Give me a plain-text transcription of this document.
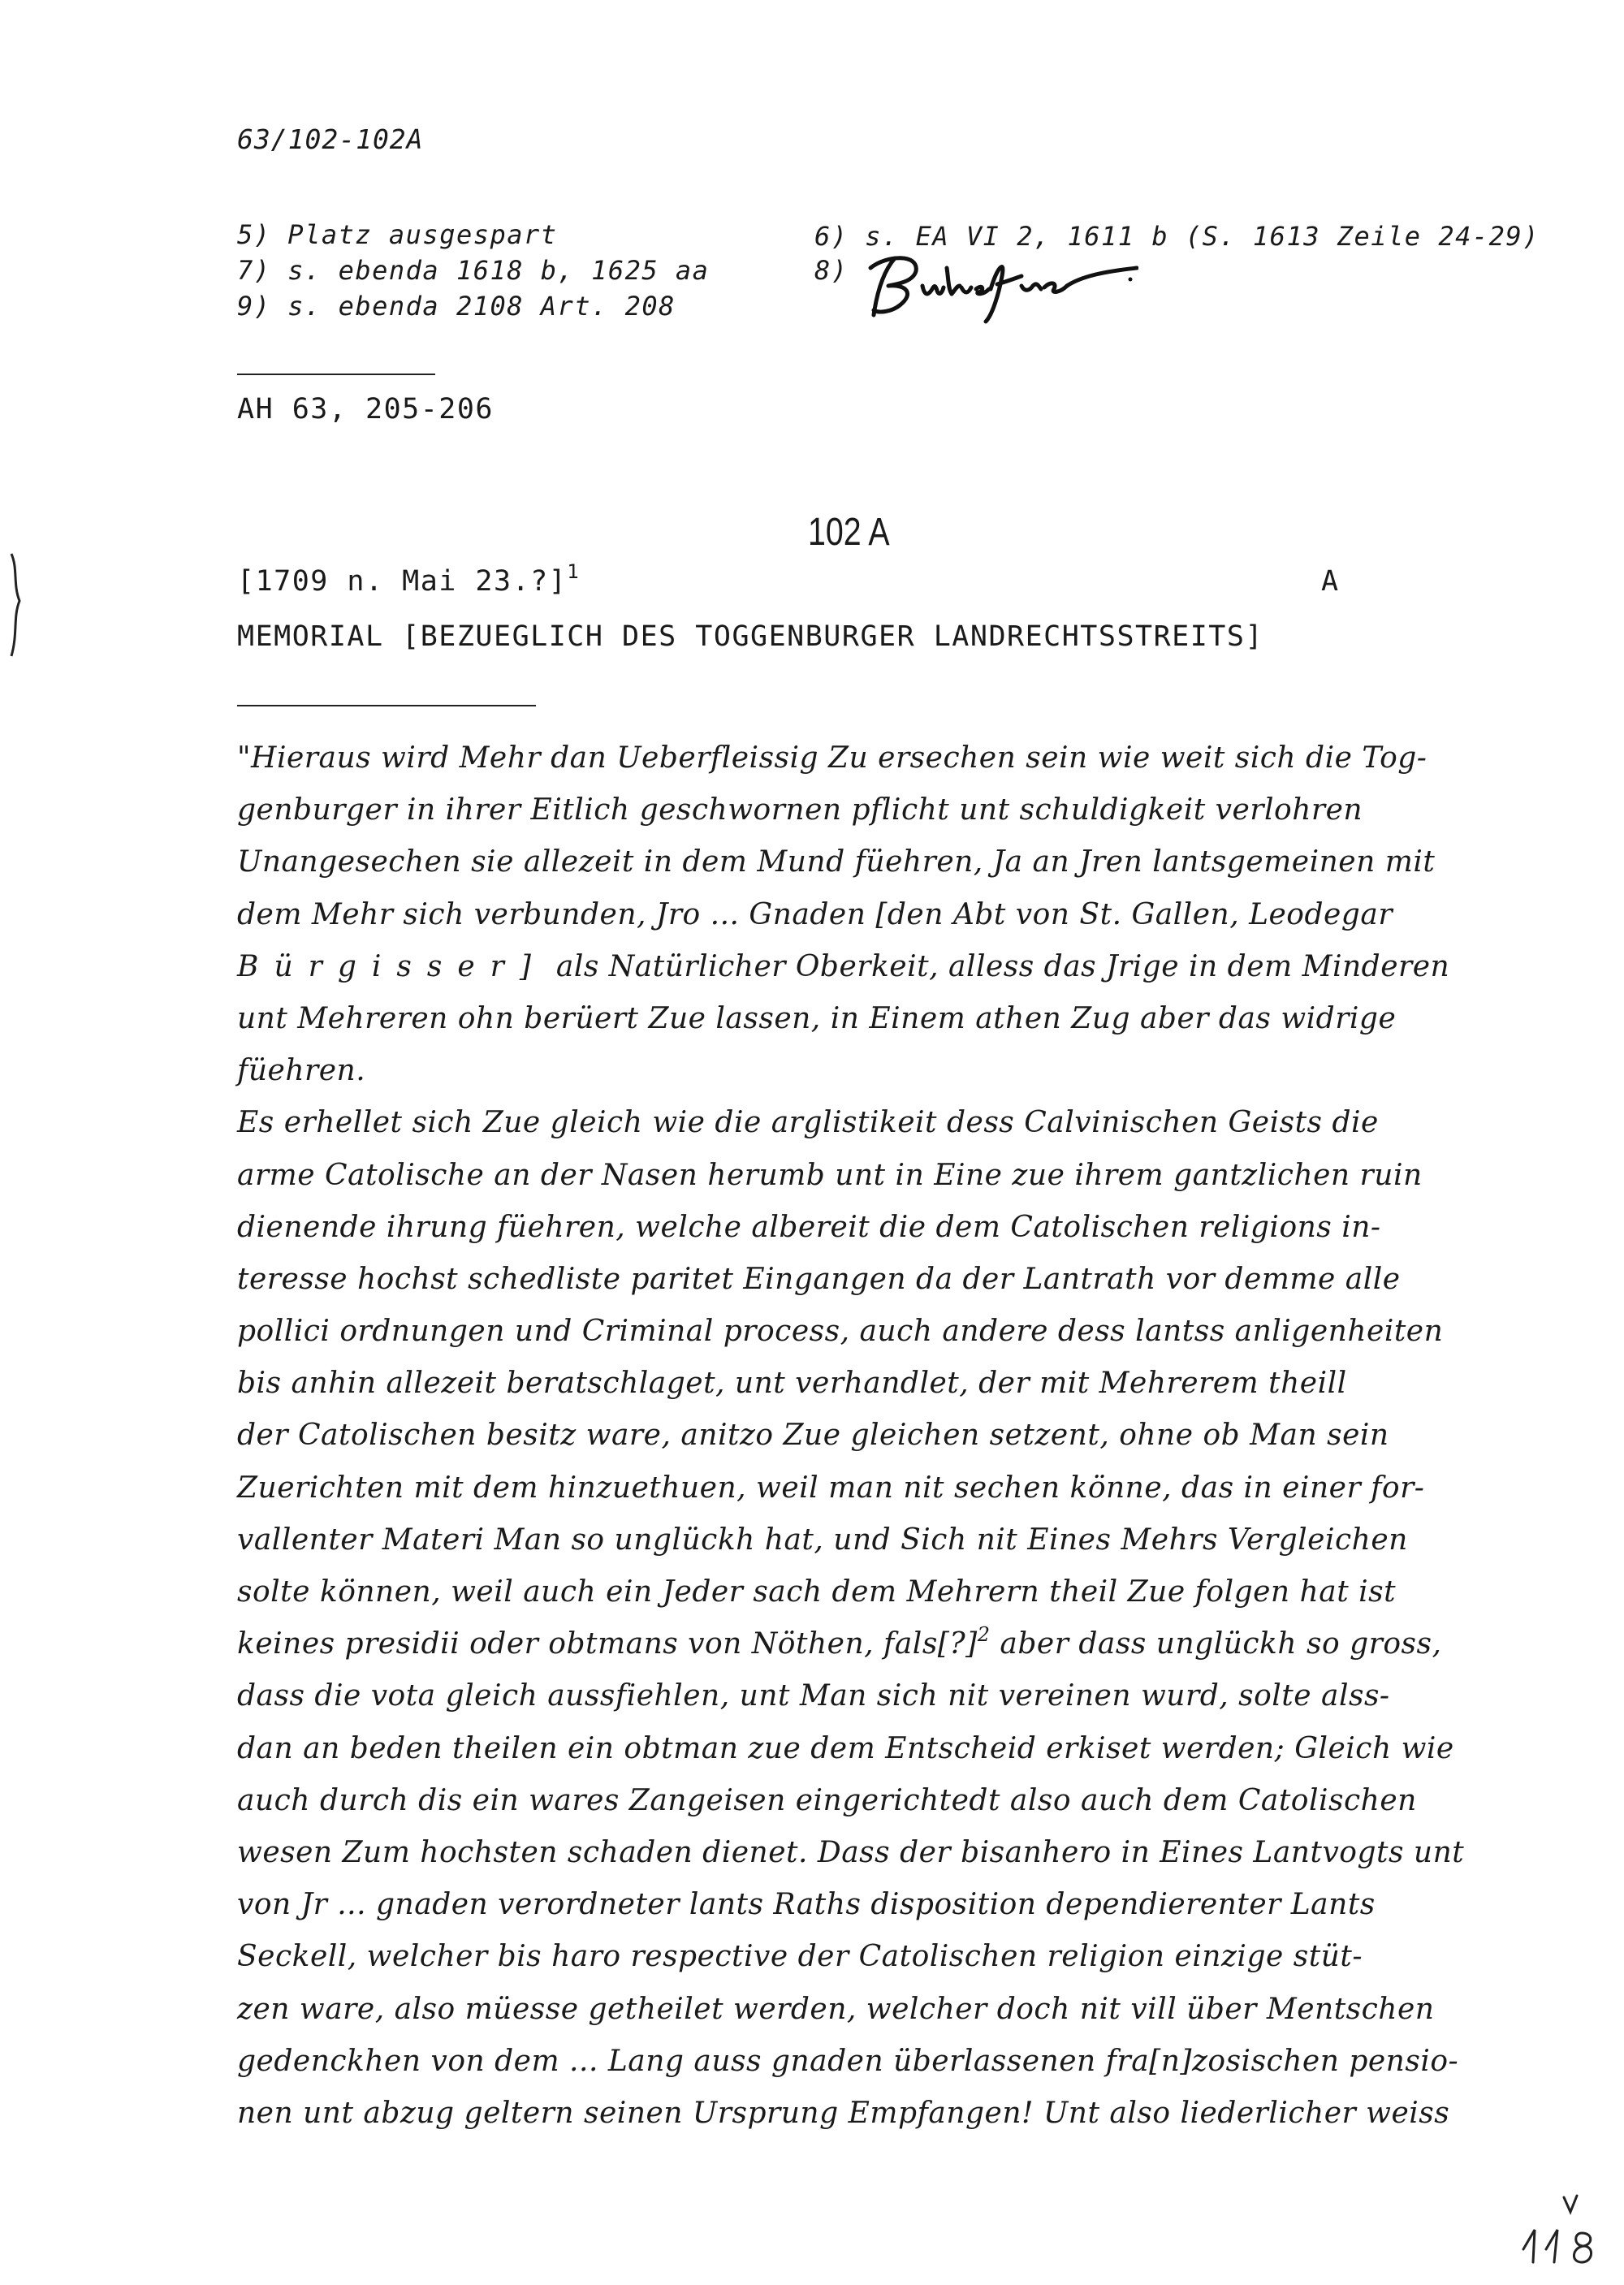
63/102-102A
5) Platz ausgespart	6) s. EA VI 2, 1611 b (S. 1613 Zeile 24-29)
7) s. ebenda 1618 b, 1625 aa	8)
9) s. ebenda 2108 Art. 208
AH 63, 205-206
102 A
[1709 n. Mai 23.?]$^1$	A
MEMORIAL [BEZUEGLICH DES TOGGENBURGER LANDRECHTSSTREITS]
"Hieraus wird Mehr dan Ueberfleissig Zu ersechen sein wie weit sich die Tog-
genburger in ihrer Eitlich geschwornen pflicht unt schuldigkeit verlohren
Unangesechen sie allezeit in dem Mund füehren, Ja an Jren lantsgemeinen mit
dem Mehr sich verbunden, Jro ... Gnaden [den Abt von St. Gallen, Leodegar
Bürgisser] als Natürlicher Oberkeit, alless das Jrige in dem Minderen
unt Mehreren ohn berüert Zue lassen, in Einem athen Zug aber das widrige
füehren.
Es erhellet sich Zue gleich wie die arglistikeit dess Calvinischen Geists die
arme Catolische an der Nasen herumb unt in Eine zue ihrem gantzlichen ruin
dienende ihrung füehren, welche albereit die dem Catolischen religions in-
teresse hochst schedliste paritet Eingangen da der Lantrath vor demme alle
pollici ordnungen und Criminal process, auch andere dess lantss anligenheiten
bis anhin allezeit beratschlaget, unt verhandlet, der mit Mehrerem theill
der Catolischen besitz ware, anitzo Zue gleichen setzent, ohne ob Man sein
Zuerichten mit dem hinzuethuen, weil man nit sechen könne, das in einer for-
vallenter Materi Man so unglückh hat, und Sich nit Eines Mehrs Vergleichen
solte können, weil auch ein Jeder sach dem Mehrern theil Zue folgen hat ist
keines presidii oder obtmans von Nöthen, fals[?]$^2$ aber dass unglückh so gross,
dass die vota gleich aussfiehlen, unt Man sich nit vereinen wurd, solte alss-
dan an beden theilen ein obtman zue dem Entscheid erkiset werden; Gleich wie
auch durch dis ein wares Zangeisen eingerichtedt also auch dem Catolischen
wesen Zum hochsten schaden dienet. Dass der bisanhero in Eines Lantvogts unt
von Jr ... gnaden verordneter lants Raths disposition dependierenter Lants
Seckell, welcher bis haro respective der Catolischen religion einzige stüt-
zen ware, also müesse getheilet werden, welcher doch nit vill über Mentschen
gedenckhen von dem ... Lang auss gnaden überlassenen fra[n]zosischen pensio-
nen unt abzug geltern seinen Ursprung Empfangen! Unt also liederlicher weiss
